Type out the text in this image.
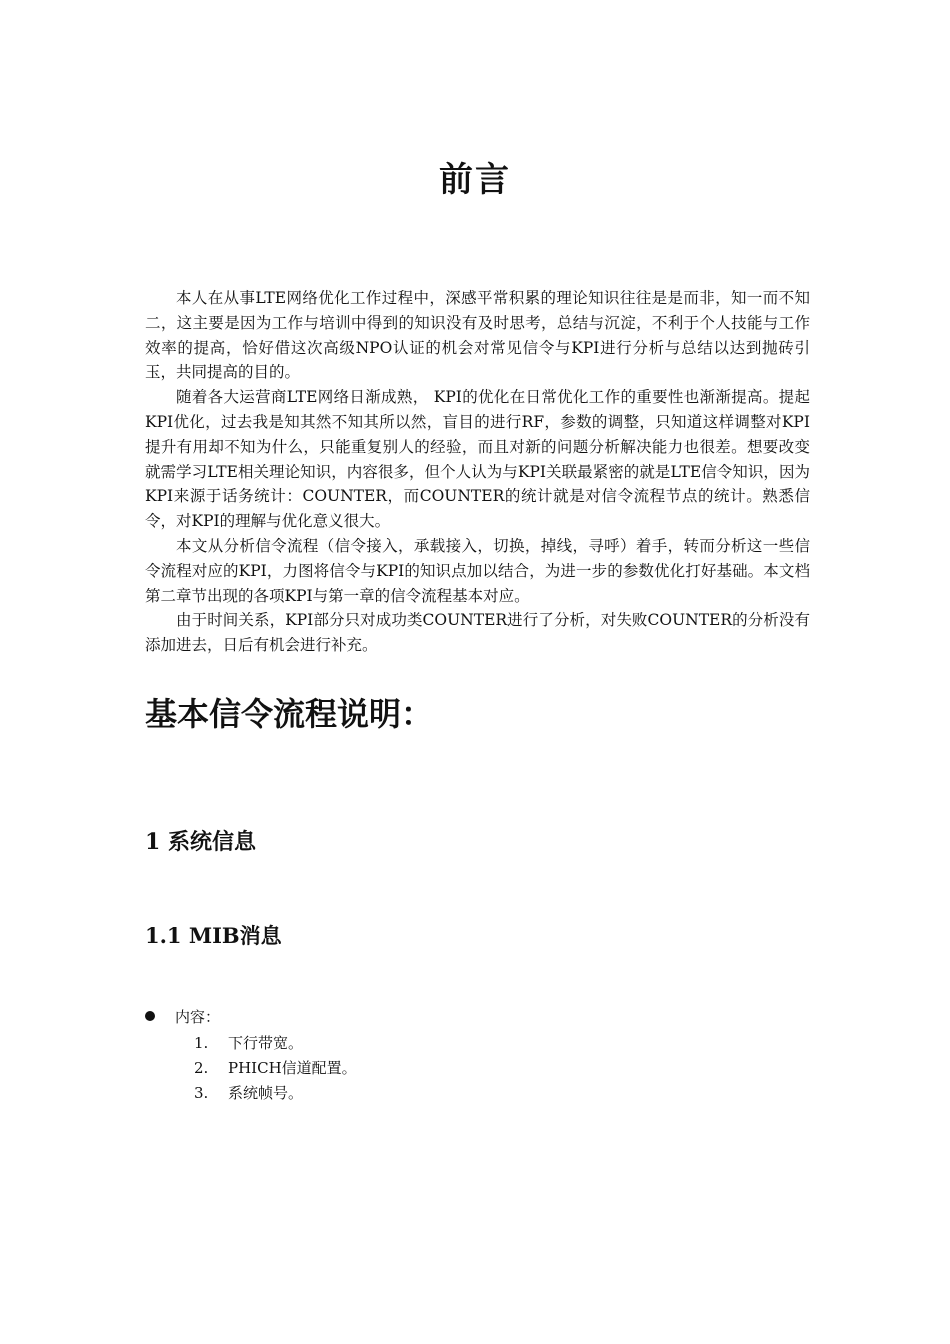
前言

本人在从事LTE网络优化工作过程中，深感平常积累的理论知识往往是是而非，知一而不知二，这主要是因为工作与培训中得到的知识没有及时思考，总结与沉淀，不利于个人技能与工作效率的提高，恰好借这次高级NPO认证的机会对常见信令与KPI进行分析与总结以达到抛砖引玉，共同提高的目的。

随着各大运营商LTE网络日渐成熟， KPI的优化在日常优化工作的重要性也渐渐提高。提起KPI优化，过去我是知其然不知其所以然，盲目的进行RF，参数的调整，只知道这样调整对KPI提升有用却不知为什么，只能重复别人的经验，而且对新的问题分析解决能力也很差。想要改变就需学习LTE相关理论知识，内容很多，但个人认为与KPI关联最紧密的就是LTE信令知识，因为KPI来源于话务统计：COUNTER，而COUNTER的统计就是对信令流程节点的统计。熟悉信令，对KPI的理解与优化意义很大。

本文从分析信令流程（信令接入，承载接入，切换，掉线，寻呼）着手，转而分析这一些信令流程对应的KPI，力图将信令与KPI的知识点加以结合，为进一步的参数优化打好基础。本文档第二章节出现的各项KPI与第一章的信令流程基本对应。

由于时间关系，KPI部分只对成功类COUNTER进行了分析，对失败COUNTER的分析没有添加进去，日后有机会进行补充。

基本信令流程说明：
1 系统信息
1.1 MIB消息
内容：
1. 下行带宽。
2. PHICH信道配置。
3. 系统帧号。
